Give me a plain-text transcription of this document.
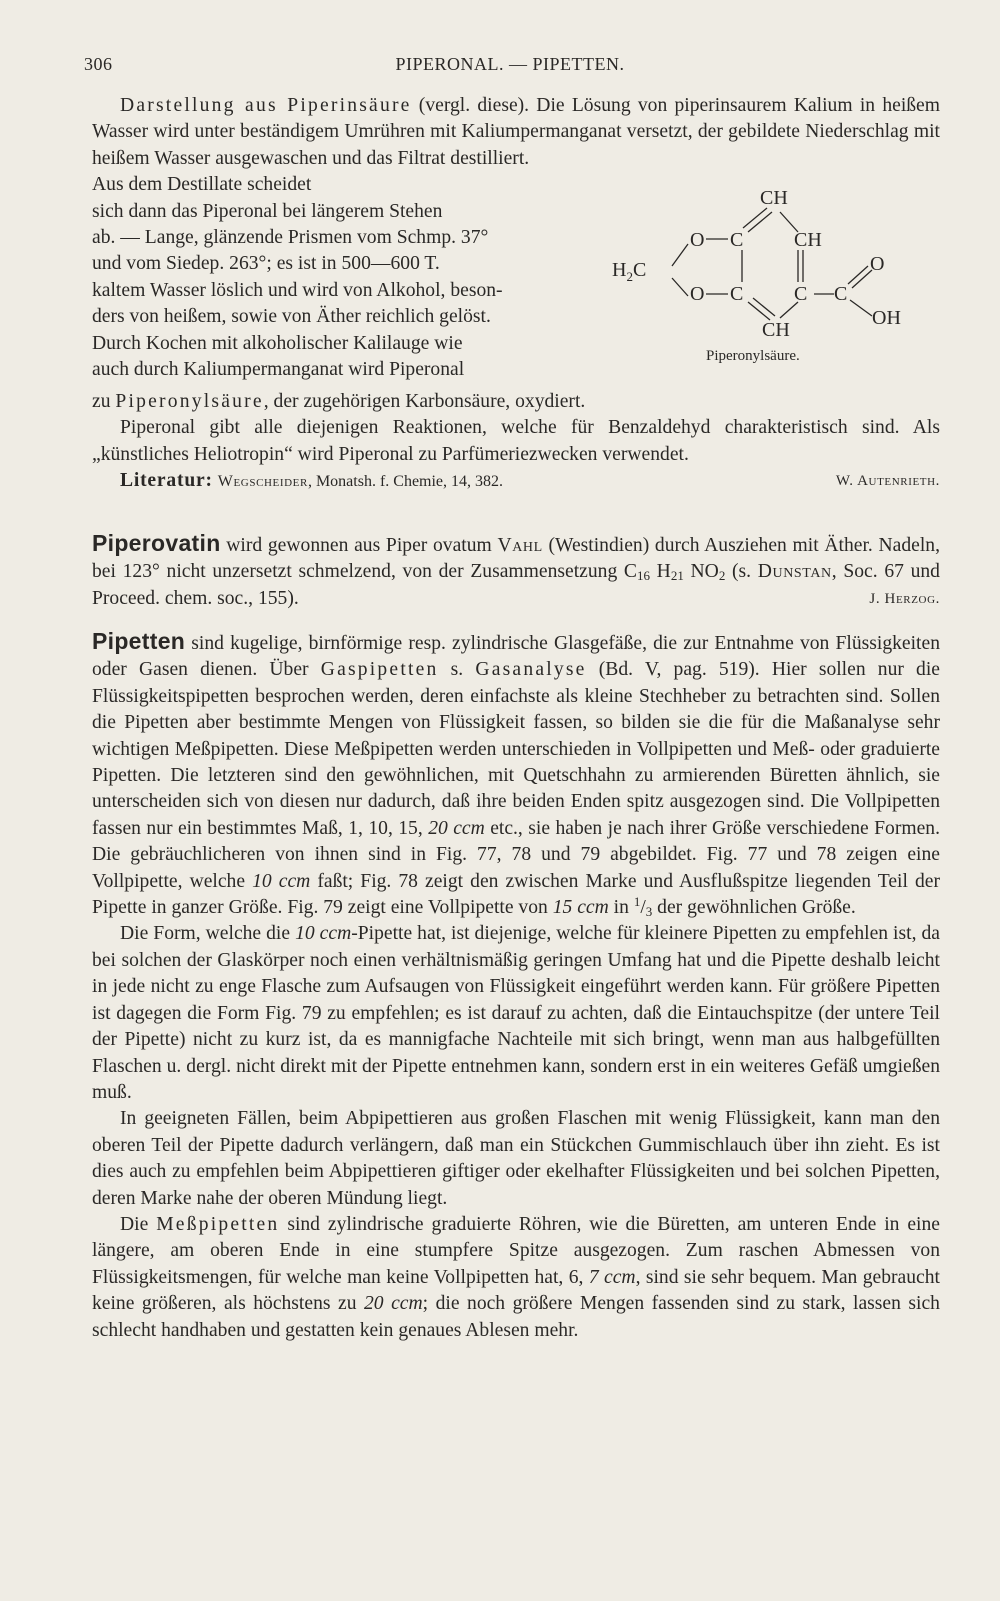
306	PIPERONAL. — PIPETTEN.

Darstellung aus Piperinsäure (vergl. diese). Die Lösung von piperinsaurem Kalium in heißem Wasser wird unter beständigem Umrühren mit Kaliumpermanganat versetzt, der gebildete Niederschlag mit heißem Wasser ausgewaschen und das Filtrat destilliert.

Aus dem Destillate scheidet
sich dann das Piperonal bei längerem Stehen
ab. — Lange, glänzende Prismen vom Schmp. 37°
und vom Siedep. 263°; es ist in 500—600 T.
kaltem Wasser löslich und wird von Alkohol, beson-
ders von heißem, sowie von Äther reichlich gelöst.
Durch Kochen mit alkoholischer Kalilauge wie
auch durch Kaliumpermanganat wird Piperonal
CH
CH
CH
O
O
C
C	C C
O
OH
$H_2C$
Piperonylsäure.

zu Piperonylsäure, der zugehörigen Karbonsäure, oxydiert.

Piperonal gibt alle diejenigen Reaktionen, welche für Benzaldehyd charakteristisch sind. Als „künstliches Heliotropin“ wird Piperonal zu Parfümeriezwecken verwendet.

Literatur: Wegscheider, Monatsh. f. Chemie, 14, 382.	W. Autenrieth.

Piperovatin wird gewonnen aus Piper ovatum Vahl (Westindien) durch Ausziehen mit Äther. Nadeln, bei 123° nicht unzersetzt schmelzend, von der Zusammensetzung $C_{16}$ $H_{21}$ $NO_2$ (s. Dunstan, Soc. 67 und Proceed. chem. soc., 155).	J. Herzog.

Pipetten sind kugelige, birnförmige resp. zylindrische Glasgefäße, die zur Entnahme von Flüssigkeiten oder Gasen dienen. Über Gaspipetten s. Gasanalyse (Bd. V, pag. 519). Hier sollen nur die Flüssigkeitspipetten besprochen werden, deren einfachste als kleine Stechheber zu betrachten sind. Sollen die Pipetten aber bestimmte Mengen von Flüssigkeit fassen, so bilden sie die für die Maßanalyse sehr wichtigen Meßpipetten. Diese Meßpipetten werden unterschieden in Vollpipetten und Meß- oder graduierte Pipetten. Die letzteren sind den gewöhnlichen, mit Quetschhahn zu armierenden Büretten ähnlich, sie unterscheiden sich von diesen nur dadurch, daß ihre beiden Enden spitz ausgezogen sind. Die Vollpipetten fassen nur ein bestimmtes Maß, 1, 10, 15, 20 ccm etc., sie haben je nach ihrer Größe verschiedene Formen. Die gebräuchlicheren von ihnen sind in Fig. 77, 78 und 79 abgebildet. Fig. 77 und 78 zeigen eine Vollpipette, welche 10 ccm faßt; Fig. 78 zeigt den zwischen Marke und Ausflußspitze liegenden Teil der Pipette in ganzer Größe. Fig. 79 zeigt eine Vollpipette von 15 ccm in $^1/_3$ der gewöhnlichen Größe.

Die Form, welche die 10 ccm-Pipette hat, ist diejenige, welche für kleinere Pipetten zu empfehlen ist, da bei solchen der Glaskörper noch einen verhältnismäßig geringen Umfang hat und die Pipette deshalb leicht in jede nicht zu enge Flasche zum Aufsaugen von Flüssigkeit eingeführt werden kann. Für größere Pipetten ist dagegen die Form Fig. 79 zu empfehlen; es ist darauf zu achten, daß die Eintauchspitze (der untere Teil der Pipette) nicht zu kurz ist, da es mannigfache Nachteile mit sich bringt, wenn man aus halbgefüllten Flaschen u. dergl. nicht direkt mit der Pipette entnehmen kann, sondern erst in ein weiteres Gefäß umgießen muß.

In geeigneten Fällen, beim Abpipettieren aus großen Flaschen mit wenig Flüssigkeit, kann man den oberen Teil der Pipette dadurch verlängern, daß man ein Stückchen Gummischlauch über ihn zieht. Es ist dies auch zu empfehlen beim Abpipettieren giftiger oder ekelhafter Flüssigkeiten und bei solchen Pipetten, deren Marke nahe der oberen Mündung liegt.

Die Meßpipetten sind zylindrische graduierte Röhren, wie die Büretten, am unteren Ende in eine längere, am oberen Ende in eine stumpfere Spitze ausgezogen. Zum raschen Abmessen von Flüssigkeitsmengen, für welche man keine Vollpipetten hat, 6, 7 ccm, sind sie sehr bequem. Man gebraucht keine größeren, als höchstens zu 20 ccm; die noch größere Mengen fassenden sind zu stark, lassen sich schlecht handhaben und gestatten kein genaues Ablesen mehr.
